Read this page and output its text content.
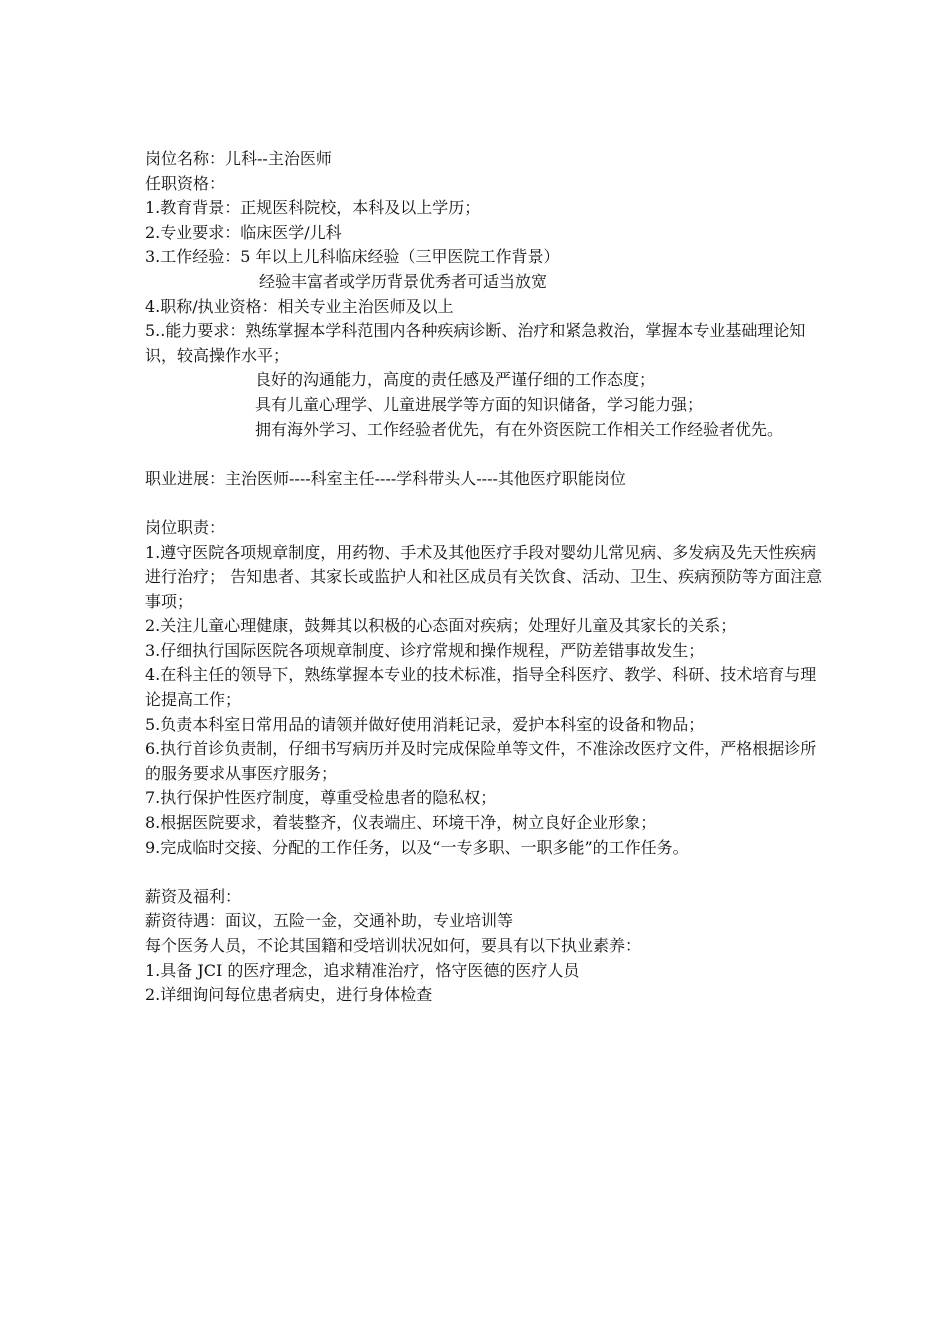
岗位名称：儿科--主治医师
任职资格：
1.教育背景：正规医科院校，本科及以上学历；
2.专业要求：临床医学/儿科
3.工作经验：5 年以上儿科临床经验（三甲医院工作背景）
经验丰富者或学历背景优秀者可适当放宽
4.职称/执业资格：相关专业主治医师及以上
5..能力要求：熟练掌握本学科范围内各种疾病诊断、治疗和紧急救治，掌握本专业基础理论知识，较高操作水平；
良好的沟通能力，高度的责任感及严谨仔细的工作态度；
具有儿童心理学、儿童进展学等方面的知识储备，学习能力强；
拥有海外学习、工作经验者优先，有在外资医院工作相关工作经验者优先。
职业进展：主治医师----科室主任----学科带头人----其他医疗职能岗位
岗位职责：
1.遵守医院各项规章制度，用药物、手术及其他医疗手段对婴幼儿常见病、多发病及先天性疾病进行治疗； 告知患者、其家长或监护人和社区成员有关饮食、活动、卫生、疾病预防等方面注意事项；
2.关注儿童心理健康，鼓舞其以积极的心态面对疾病；处理好儿童及其家长的关系；
3.仔细执行国际医院各项规章制度、诊疗常规和操作规程，严防差错事故发生；
4.在科主任的领导下，熟练掌握本专业的技术标准，指导全科医疗、教学、科研、技术培育与理论提高工作；
5.负责本科室日常用品的请领并做好使用消耗记录，爱护本科室的设备和物品；
6.执行首诊负责制，仔细书写病历并及时完成保险单等文件，不准涂改医疗文件，严格根据诊所的服务要求从事医疗服务；
7.执行保护性医疗制度，尊重受检患者的隐私权；
8.根据医院要求，着装整齐，仪表端庄、环境干净，树立良好企业形象；
9.完成临时交接、分配的工作任务，以及“一专多职、一职多能”的工作任务。
薪资及福利：
薪资待遇：面议，五险一金，交通补助，专业培训等
每个医务人员，不论其国籍和受培训状况如何，要具有以下执业素养：
1.具备 JCI 的医疗理念，追求精准治疗，恪守医德的医疗人员
2.详细询问每位患者病史，进行身体检查
